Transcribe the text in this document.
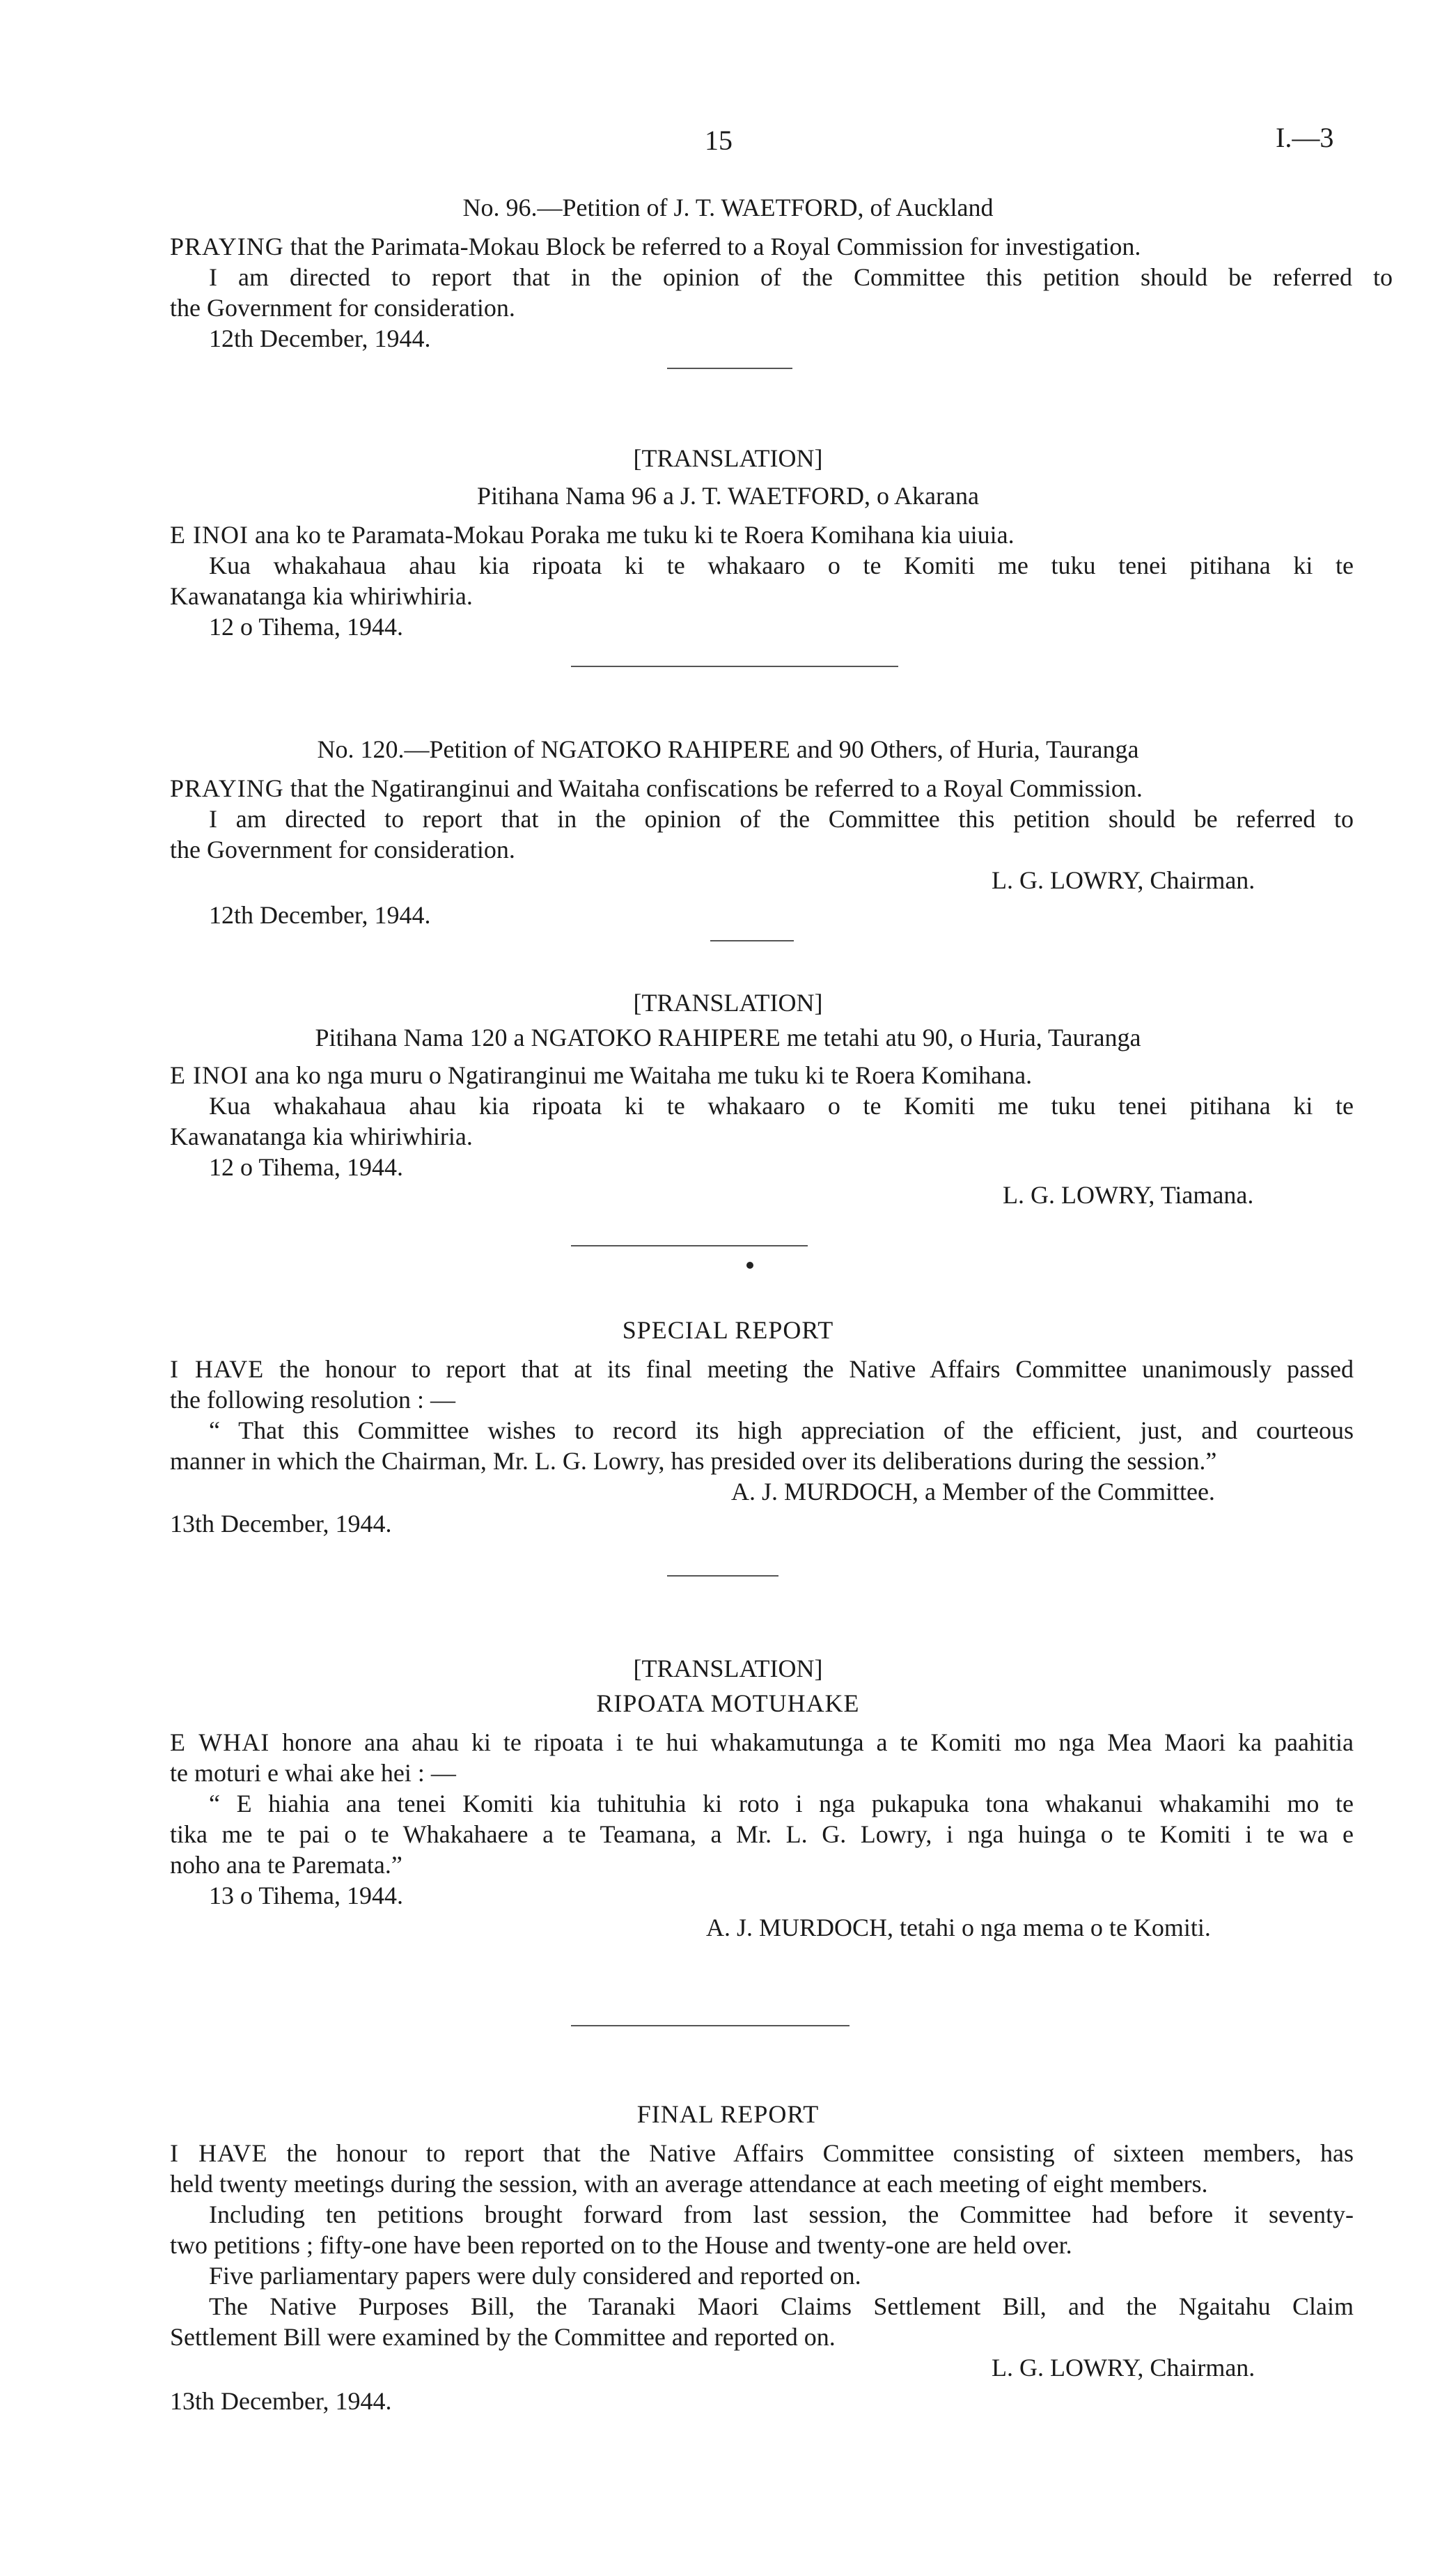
15	I.—3
No. 96.—Petition of J. T. WAETFORD, of Auckland
PRAYING that the Parimata-Mokau Block be referred to a Royal Commission for investigation.
I am directed to report that in the opinion of the Committee this petition should be referred to
the Government for consideration.
12th December, 1944.
[TRANSLATION]
Pitihana Nama 96 a J. T. WAETFORD, o Akarana
E INOI ana ko te Paramata-Mokau Poraka me tuku ki te Roera Komihana kia uiuia.
Kua whakahaua ahau kia ripoata ki te whakaaro o te Komiti me tuku tenei pitihana ki te
Kawanatanga kia whiriwhiria.
12 o Tihema, 1944.
No. 120.—Petition of NGATOKO RAHIPERE and 90 Others, of Huria, Tauranga
PRAYING that the Ngatiranginui and Waitaha confiscations be referred to a Royal Commission.
I am directed to report that in the opinion of the Committee this petition should be referred to
the Government for consideration.
L. G. LOWRY, Chairman.
12th December, 1944.
[TRANSLATION]
Pitihana Nama 120 a NGATOKO RAHIPERE me tetahi atu 90, o Huria, Tauranga
E INOI ana ko nga muru o Ngatiranginui me Waitaha me tuku ki te Roera Komihana.
Kua whakahaua ahau kia ripoata ki te whakaaro o te Komiti me tuku tenei pitihana ki te
Kawanatanga kia whiriwhiria.
12 o Tihema, 1944.
L. G. LOWRY, Tiamana.
SPECIAL REPORT
I HAVE the honour to report that at its final meeting the Native Affairs Committee unanimously passed
the following resolution : —
“ That this Committee wishes to record its high appreciation of the efficient, just, and courteous
manner in which the Chairman, Mr. L. G. Lowry, has presided over its deliberations during the session.”
A. J. MURDOCH, a Member of the Committee.
13th December, 1944.
[TRANSLATION]
RIPOATA MOTUHAKE
E WHAI honore ana ahau ki te ripoata i te hui whakamutunga a te Komiti mo nga Mea Maori ka paahitia
te moturi e whai ake hei : —
“ E hiahia ana tenei Komiti kia tuhituhia ki roto i nga pukapuka tona whakanui whakamihi mo te
tika me te pai o te Whakahaere a te Teamana, a Mr. L. G. Lowry, i nga huinga o te Komiti i te wa e
noho ana te Paremata.”
13 o Tihema, 1944.
A. J. MURDOCH, tetahi o nga mema o te Komiti.
FINAL REPORT
I HAVE the honour to report that the Native Affairs Committee consisting of sixteen members, has
held twenty meetings during the session, with an average attendance at each meeting of eight members.
Including ten petitions brought forward from last session, the Committee had before it seventy-
two petitions ; fifty-one have been reported on to the House and twenty-one are held over.
Five parliamentary papers were duly considered and reported on.
The Native Purposes Bill, the Taranaki Maori Claims Settlement Bill, and the Ngaitahu Claim
Settlement Bill were examined by the Committee and reported on.
L. G. LOWRY, Chairman.
13th December, 1944.
